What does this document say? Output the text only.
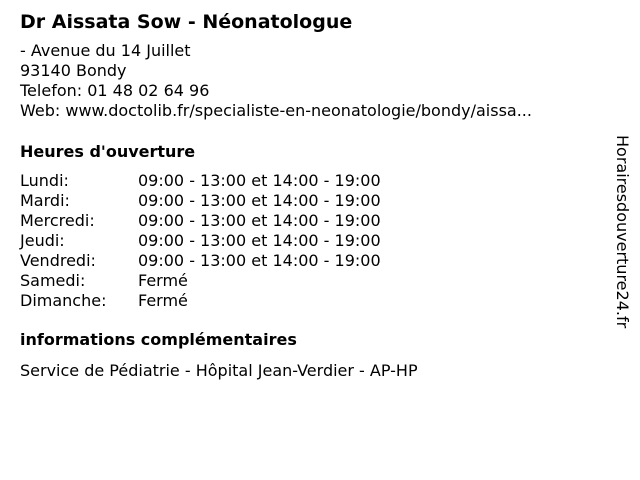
Dr Aissata Sow - Néonatologue
- Avenue du 14 Juillet
93140 Bondy
Telefon: 01 48 02 64 96
Web: www.doctolib.fr/specialiste-en-neonatologie/bondy/aissa...
Heures d'ouverture
Lundi:	09:00 - 13:00 et 14:00 - 19:00
Mardi:	09:00 - 13:00 et 14:00 - 19:00
Mercredi:	09:00 - 13:00 et 14:00 - 19:00
Jeudi:	09:00 - 13:00 et 14:00 - 19:00
Vendredi:	09:00 - 13:00 et 14:00 - 19:00
Samedi:	Fermé
Dimanche:	Fermé
informations complémentaires
Service de Pédiatrie - Hôpital Jean-Verdier - AP-HP
Horairesdouverture24.fr
